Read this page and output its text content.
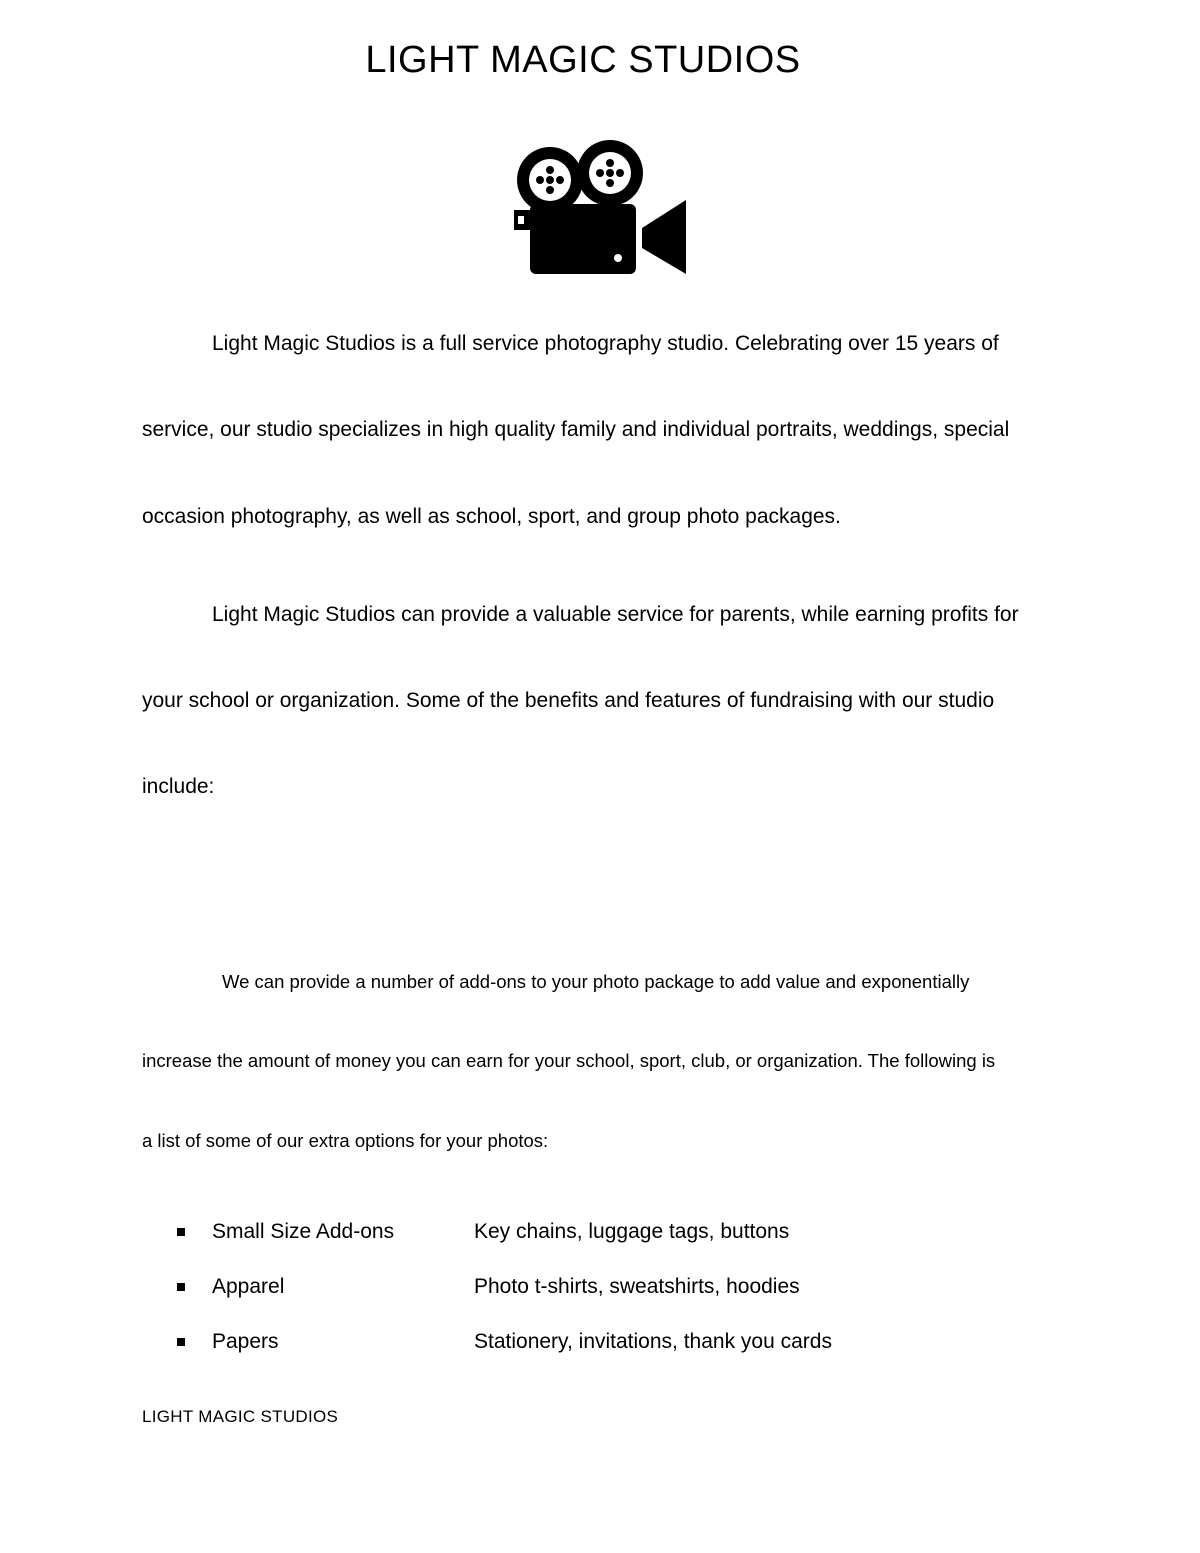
LIGHT MAGIC STUDIOS
Light Magic Studios is a full service photography studio. Celebrating over 15 years of
service, our studio specializes in high quality family and individual portraits, weddings, special
occasion photography, as well as school, sport, and group photo packages.
Light Magic Studios can provide a valuable service for parents, while earning profits for
your school or organization. Some of the benefits and features of fundraising with our studio
include:
We can provide a number of add-ons to your photo package to add value and exponentially
increase the amount of money you can earn for your school, sport, club, or organization. The following is
a list of some of our extra options for your photos:
Small Size Add-ons	Key chains, luggage tags, buttons
Apparel	Photo t-shirts, sweatshirts, hoodies
Papers	Stationery, invitations, thank you cards

LIGHT MAGIC STUDIOS
